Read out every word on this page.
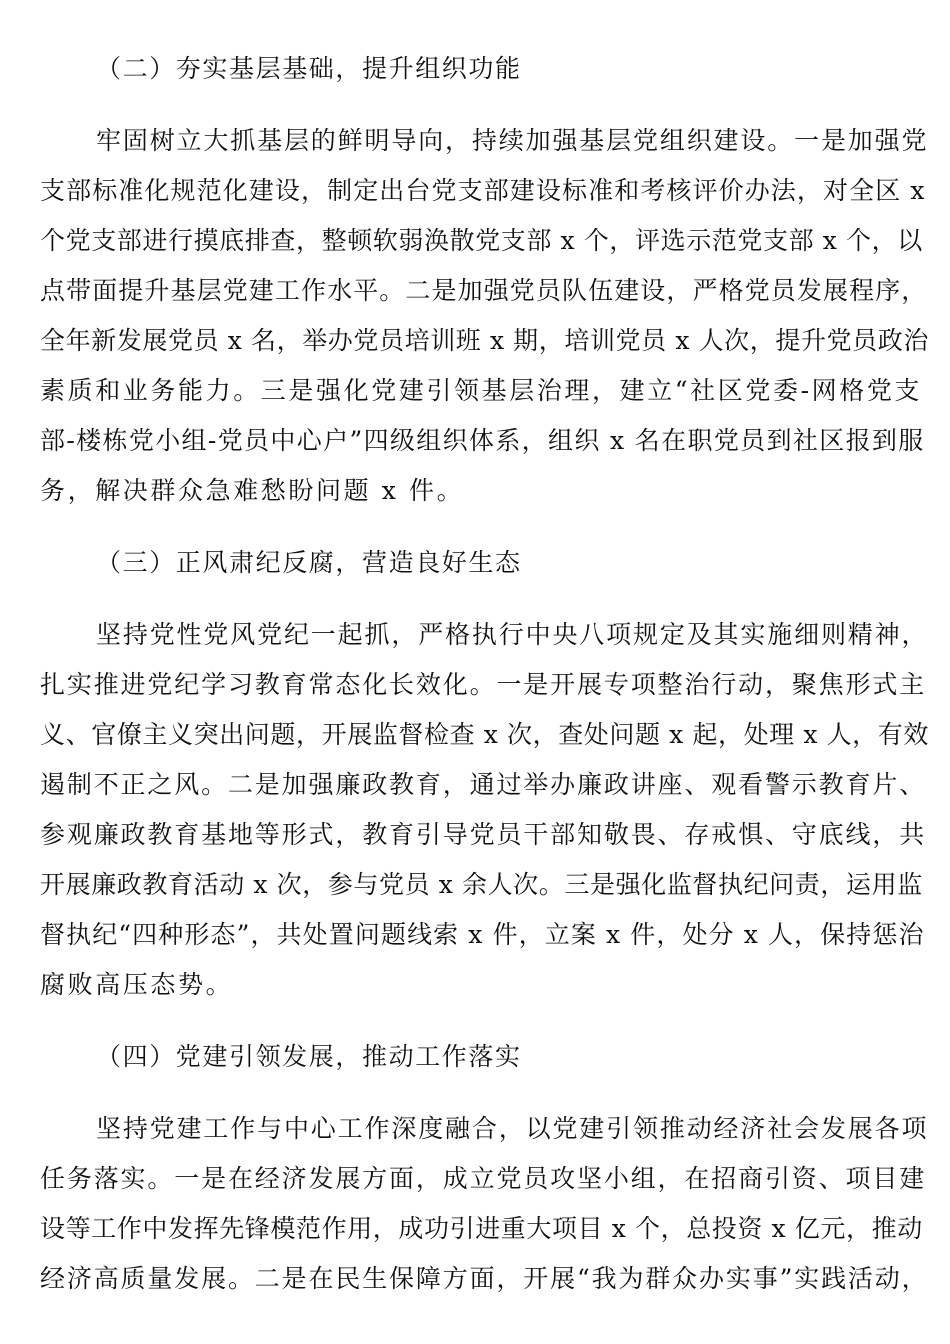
（二）夯实基层基础，提升组织功能
牢固树立大抓基层的鲜明导向，持续加强基层党组织建设。一是加强党
支部标准化规范化建设，制定出台党支部建设标准和考核评价办法，对全区 x
个党支部进行摸底排查，整顿软弱涣散党支部 x 个，评选示范党支部 x 个，以
点带面提升基层党建工作水平。二是加强党员队伍建设，严格党员发展程序，
全年新发展党员 x 名，举办党员培训班 x 期，培训党员 x 人次，提升党员政治
素质和业务能力。三是强化党建引领基层治理，建立“社区党委-网格党支
部-楼栋党小组-党员中心户”四级组织体系，组织 x 名在职党员到社区报到服
务，解决群众急难愁盼问题 x 件。
（三）正风肃纪反腐，营造良好生态
坚持党性党风党纪一起抓，严格执行中央八项规定及其实施细则精神，
扎实推进党纪学习教育常态化长效化。一是开展专项整治行动，聚焦形式主
义、官僚主义突出问题，开展监督检查 x 次，查处问题 x 起，处理 x 人，有效
遏制不正之风。二是加强廉政教育，通过举办廉政讲座、观看警示教育片、
参观廉政教育基地等形式，教育引导党员干部知敬畏、存戒惧、守底线，共
开展廉政教育活动 x 次，参与党员 x 余人次。三是强化监督执纪问责，运用监
督执纪“四种形态”，共处置问题线索 x 件，立案 x 件，处分 x 人，保持惩治
腐败高压态势。
（四）党建引领发展，推动工作落实
坚持党建工作与中心工作深度融合，以党建引领推动经济社会发展各项
任务落实。一是在经济发展方面，成立党员攻坚小组，在招商引资、项目建
设等工作中发挥先锋模范作用，成功引进重大项目 x 个，总投资 x 亿元，推动
经济高质量发展。二是在民生保障方面，开展“我为群众办实事”实践活动，
